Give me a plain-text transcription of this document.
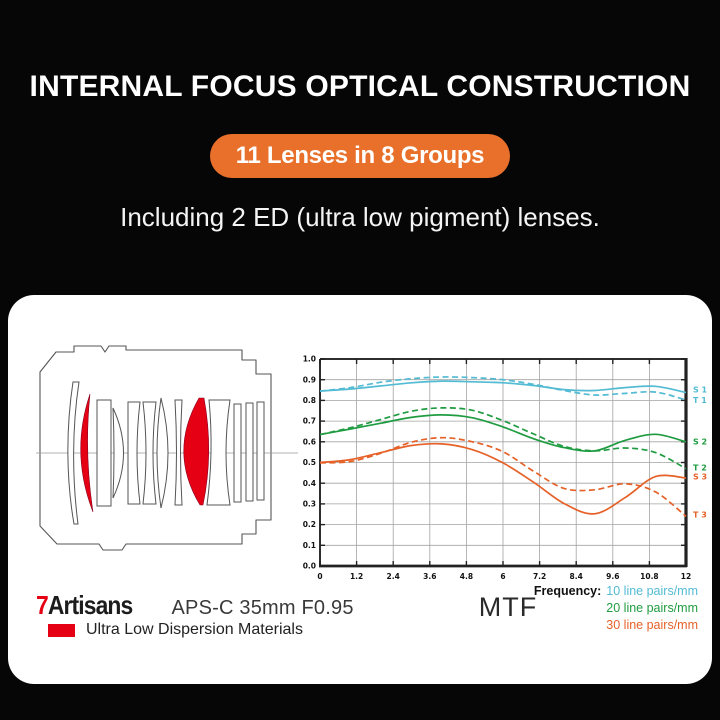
INTERNAL FOCUS OPTICAL CONSTRUCTION
11 Lenses in 8 Groups
Including 2 ED (ultra low pigment) lenses.
0.0
0.1
0.2
0.3
0.4
0.5
0.6
0.7
0.8
0.9
1.0
0	1.2	2.4	3.6	4.8	6	7.2	8.4	9.6	10.8	12
S 1
T 1
S 2
T 2
S 3
T 3
7Artisans APS-C 35mm F0.95
Ultra Low Dispersion Materials
MTF
Frequency: 10 line pairs/mm
20 line pairs/mm
30 line pairs/mm
